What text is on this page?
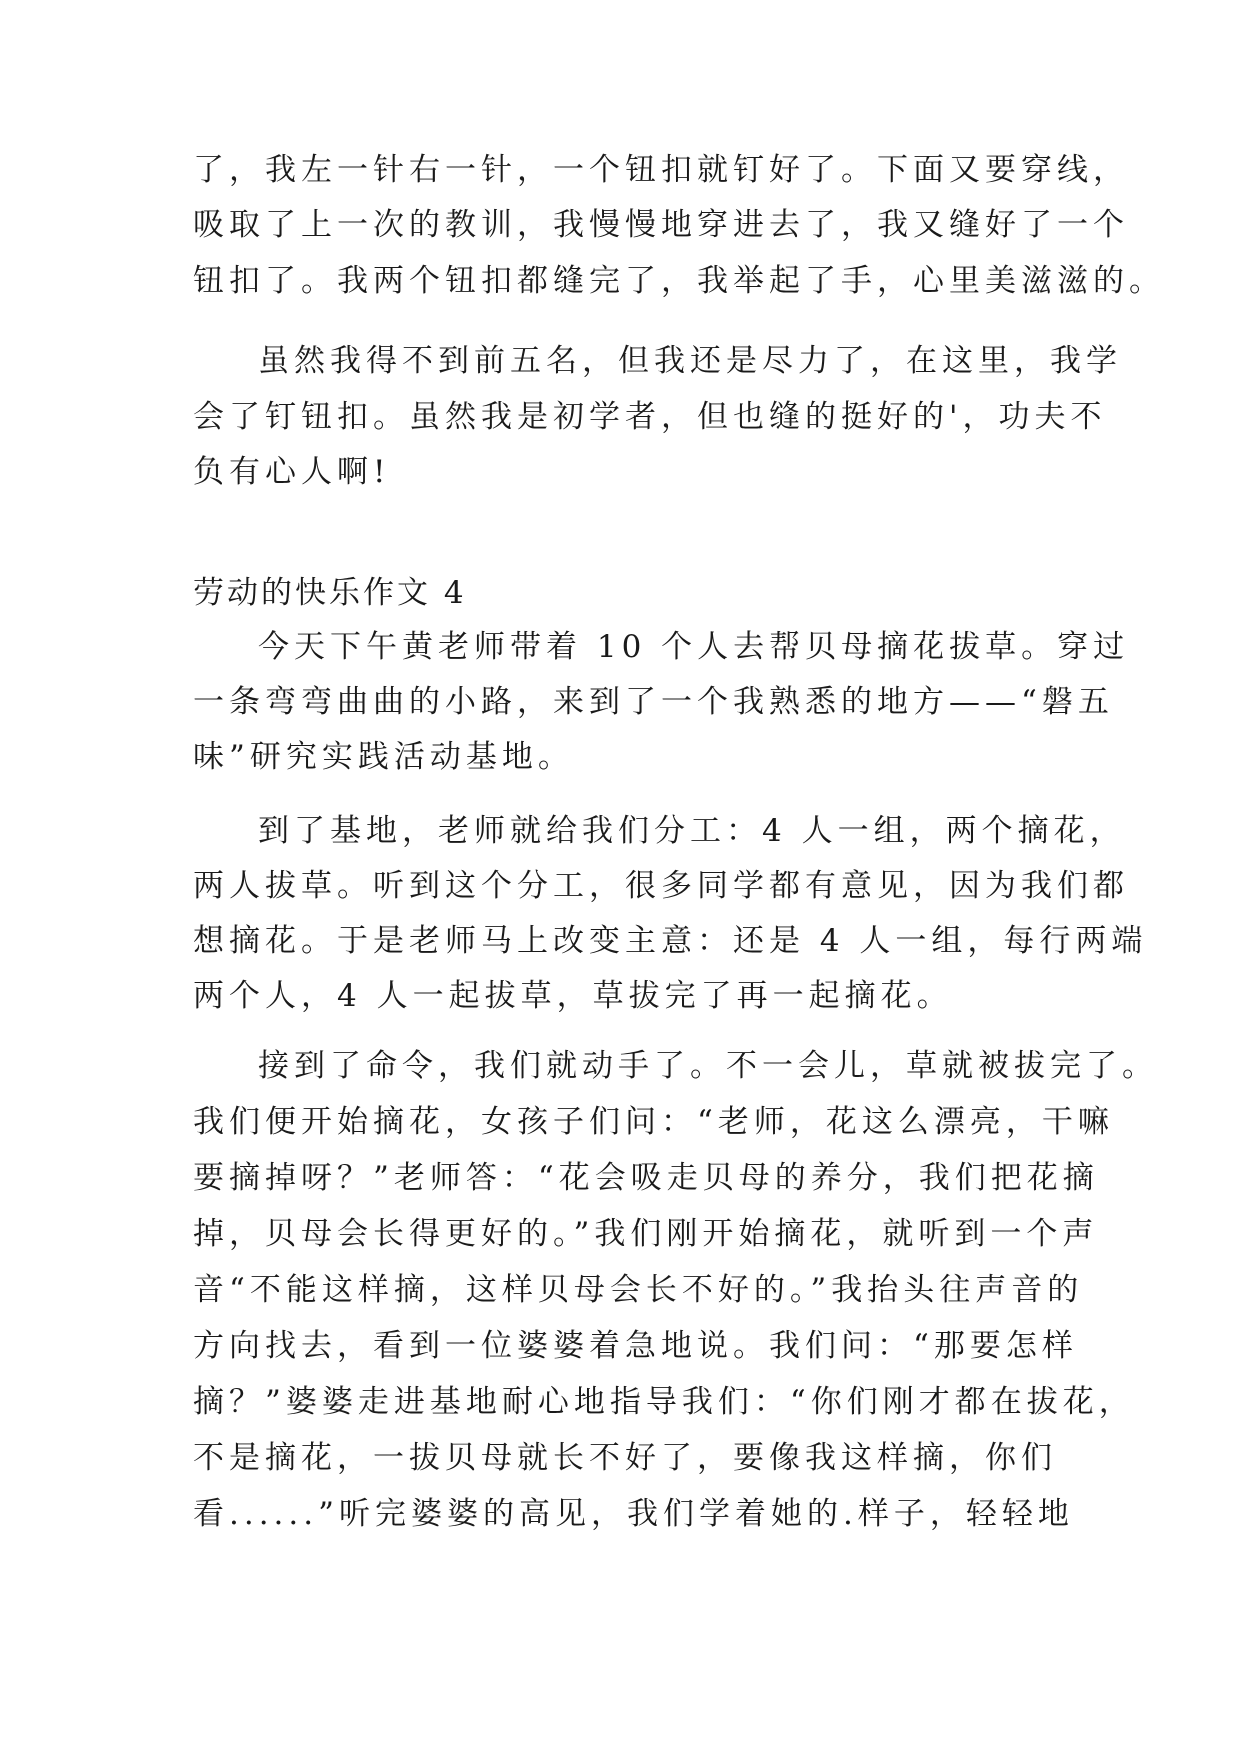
了，我左一针右一针，一个钮扣就钉好了。下面又要穿线，
吸取了上一次的教训，我慢慢地穿进去了，我又缝好了一个
钮扣了。我两个钮扣都缝完了，我举起了手，心里美滋滋的。
虽然我得不到前五名，但我还是尽力了，在这里，我学
会了钉钮扣。虽然我是初学者，但也缝的挺好的'，功夫不
负有心人啊!
劳动的快乐作文 4
今天下午黄老师带着 10 个人去帮贝母摘花拔草。穿过
一条弯弯曲曲的小路，来到了一个我熟悉的地方——“磐五
味”研究实践活动基地。
到了基地，老师就给我们分工：4 人一组，两个摘花，
两人拔草。听到这个分工，很多同学都有意见，因为我们都
想摘花。于是老师马上改变主意：还是 4 人一组，每行两端
两个人，4 人一起拔草，草拔完了再一起摘花。
接到了命令，我们就动手了。不一会儿，草就被拔完了。
我们便开始摘花，女孩子们问：“老师，花这么漂亮，干嘛
要摘掉呀？”老师答：“花会吸走贝母的养分，我们把花摘
掉，贝母会长得更好的。”我们刚开始摘花，就听到一个声
音“不能这样摘，这样贝母会长不好的。”我抬头往声音的
方向找去，看到一位婆婆着急地说。我们问：“那要怎样
摘？”婆婆走进基地耐心地指导我们：“你们刚才都在拔花，
不是摘花，一拔贝母就长不好了，要像我这样摘，你们
看......”听完婆婆的高见，我们学着她的.样子，轻轻地
